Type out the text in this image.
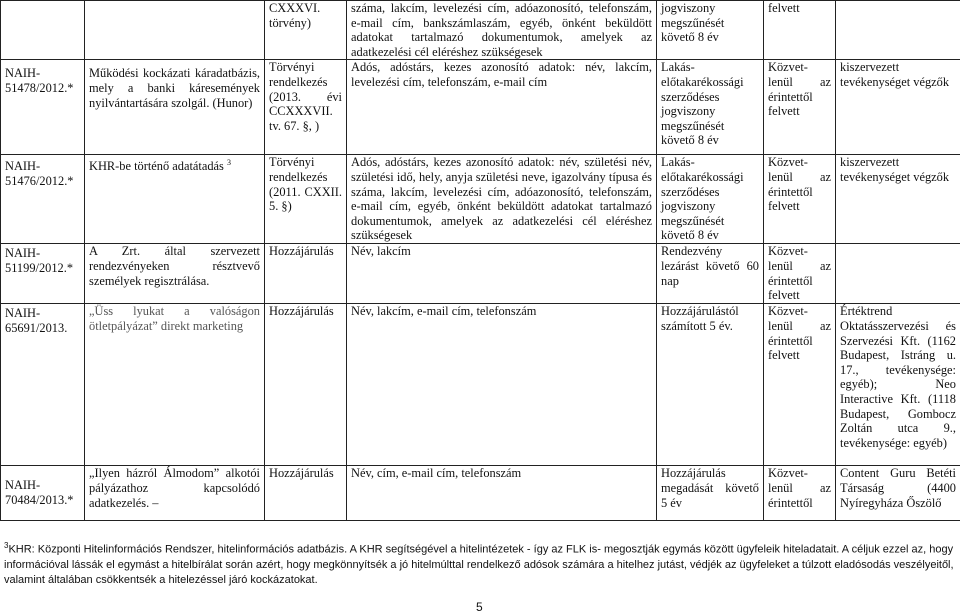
		CXXXVI. törvény)	száma, lakcím, levelezési cím, adóazonosító, telefonszám, e-mail cím, bankszámlaszám, egyéb, önként beküldött adatokat tartalmazó dokumentumok, amelyek az adatkezelési cél eléréshez szükségesek	jogviszony megszűnését követő 8 év	felvett	
NAIH-51478/2012.*	Működési kockázati káradatbázis, mely a banki káresemények nyilvántartására szolgál. (Hunor)	Törvényi rendelkezés (2013. évi CCXXXVII. tv. 67. §, )	Adós, adóstárs, kezes azonosító adatok: név, lakcím, levelezési cím, telefonszám, e-mail cím	Lakás-előtakarékossági szerződéses jogviszony megszűnését követő 8 év	Közvet-lenül az érintettől felvett	kiszervezett tevékenységet végzők
NAIH-51476/2012.*	KHR-be történő adatátadás $^3$	Törvényi rendelkezés (2011. CXXII. 5. §)	Adós, adóstárs, kezes azonosító adatok: név, születési név, születési idő, hely, anyja születési neve, igazolvány típusa és száma, lakcím, levelezési cím, adóazonosító, telefonszám, e-mail cím, egyéb, önként beküldött adatokat tartalmazó dokumentumok, amelyek az adatkezelési cél eléréshez szükségesek	Lakás-előtakarékossági szerződéses jogviszony megszűnését követő 8 év	Közvet-lenül az érintettől felvett	kiszervezett tevékenységet végzők
NAIH-51199/2012.*	A Zrt. által szervezett rendezvényeken résztvevő személyek regisztrálása.	Hozzájárulás	Név, lakcím	Rendezvény lezárást követő 60 nap	Közvet-lenül az érintettől felvett	
NAIH-65691/2013.	„Üss lyukat a valóságon ötletpályázat” direkt marketing	Hozzájárulás	Név, lakcím, e-mail cím, telefonszám	Hozzájárulástól számított 5 év.	Közvet-lenül az érintettől felvett	Értéktrend Oktatásszervezési és Szervezési Kft. (1162 Budapest, Istráng u. 17., tevékenysége: egyéb); Neo Interactive Kft. (1118 Budapest, Gombocz Zoltán utca 9., tevékenysége: egyéb)
NAIH-70484/2013.*	„Ilyen házról Álmodom” alkotói pályázathoz kapcsolódó adatkezelés. –	Hozzájárulás	Név, cím, e-mail cím, telefonszám	Hozzájárulás megadását követő 5 év	Közvet-lenül az érintettől	Content Guru Betéti Társaság (4400 Nyíregyháza Őszölő
$^3$KHR: Központi Hitelinformációs Rendszer, hitelinformációs adatbázis. A KHR segítségével a hitelintézetek - így az FLK is- megosztják egymás között ügyfeleik hiteladatait. A céljuk ezzel az, hogy információval lássák el egymást a hitelbírálat során azért, hogy megkönnyítsék a jó hitelmúlttal rendelkező adósok számára a hitelhez jutást, védjék az ügyfeleket a túlzott eladósodás veszélyeitől, valamint általában csökkentsék a hitelezéssel járó kockázatokat.
5
